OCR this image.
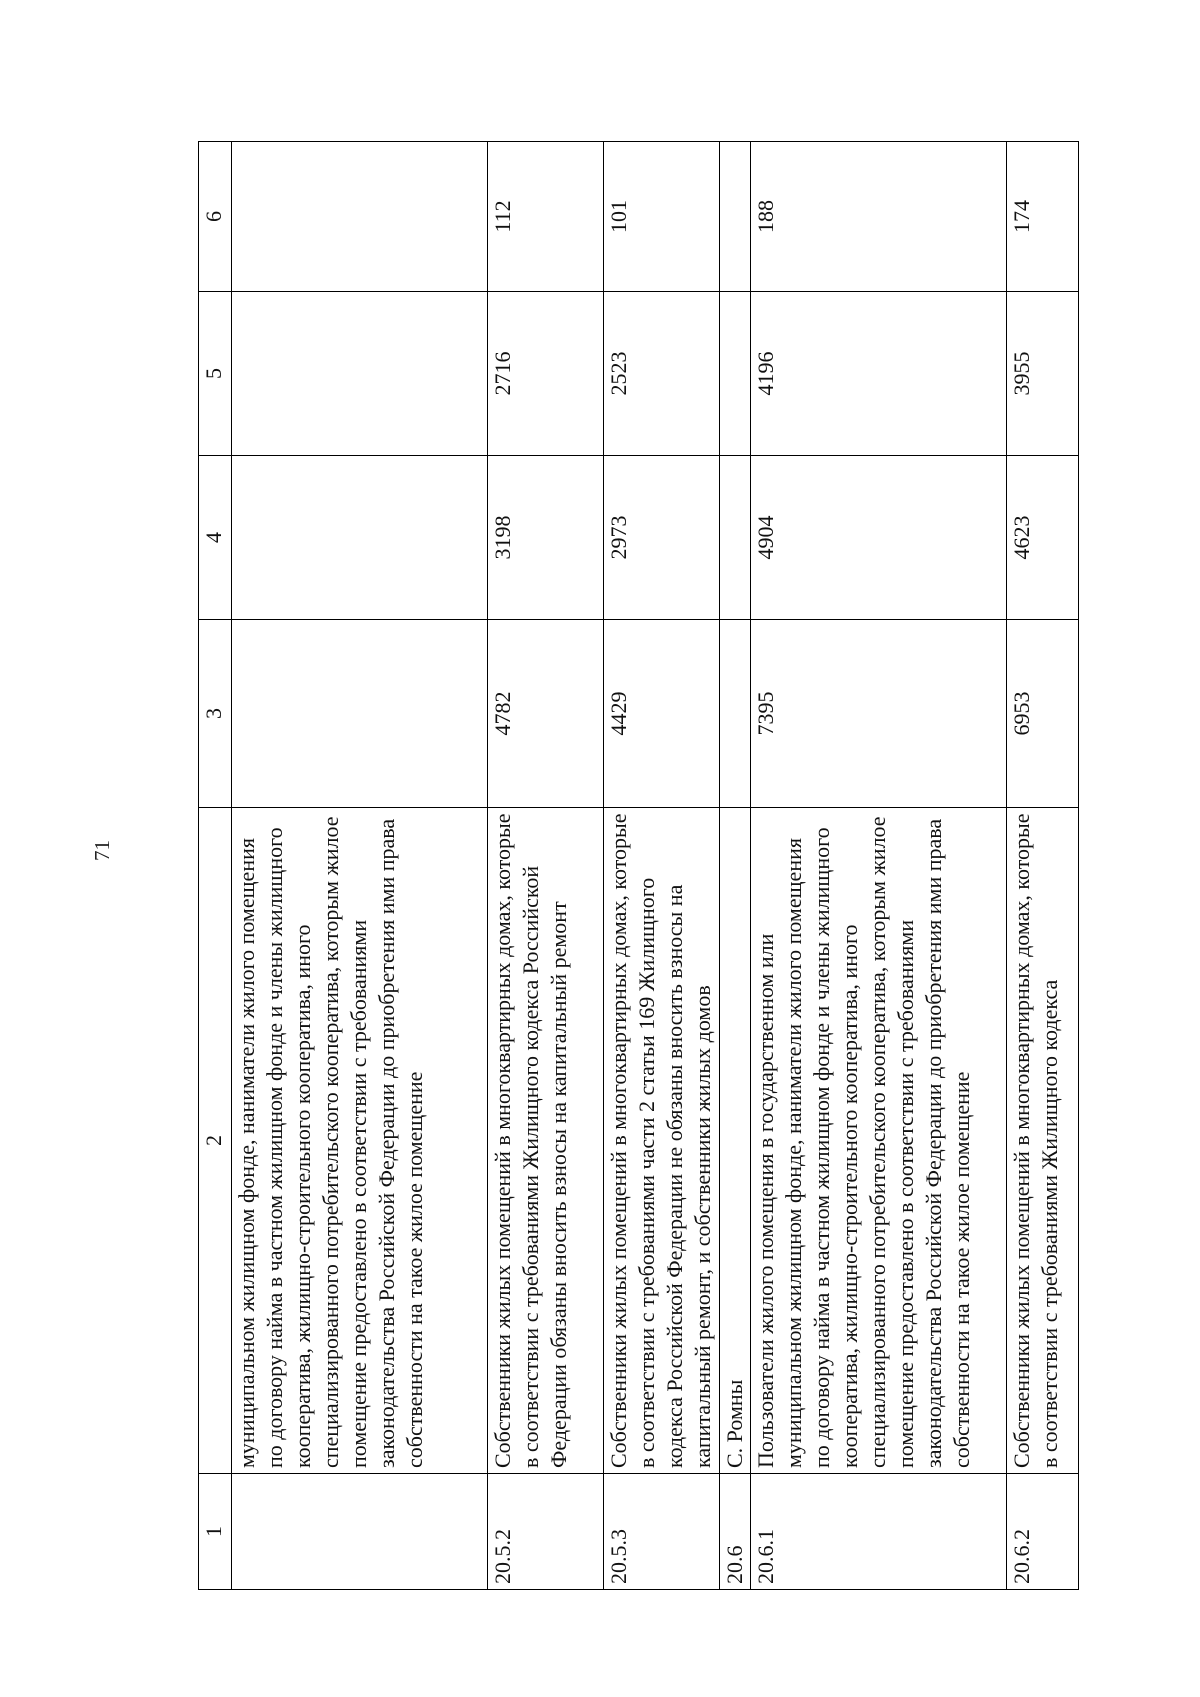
71
1	2	3	4	5	6
	муниципальном жилищном фонде, наниматели жилого помещения по договору найма в частном жилищном фонде и члены жилищного кооператива, жилищно-строительного кооператива, иного специализированного потребительского кооператива, которым жилое помещение предоставлено в соответствии с требованиями законодательства Российской Федерации до приобретения ими права собственности на такое жилое помещение				
20.5.2	Собственники жилых помещений в многоквартирных домах, которые в соответствии с требованиями Жилищного кодекса Российской Федерации обязаны вносить взносы на капитальный ремонт	4782	3198	2716	112
20.5.3	Собственники жилых помещений в многоквартирных домах, которые в соответствии с требованиями части 2 статьи 169 Жилищного кодекса Российской Федерации не обязаны вносить взносы на капитальный ремонт, и собственники жилых домов	4429	2973	2523	101
20.6	С. Ромны				
20.6.1	Пользователи жилого помещения в государственном или муниципальном жилищном фонде, наниматели жилого помещения по договору найма в частном жилищном фонде и члены жилищного кооператива, жилищно-строительного кооператива, иного специализированного потребительского кооператива, которым жилое помещение предоставлено в соответствии с требованиями законодательства Российской Федерации до приобретения ими права собственности на такое жилое помещение	7395	4904	4196	188
20.6.2	Собственники жилых помещений в многоквартирных домах, которые в соответствии с требованиями Жилищного кодекса	6953	4623	3955	174
